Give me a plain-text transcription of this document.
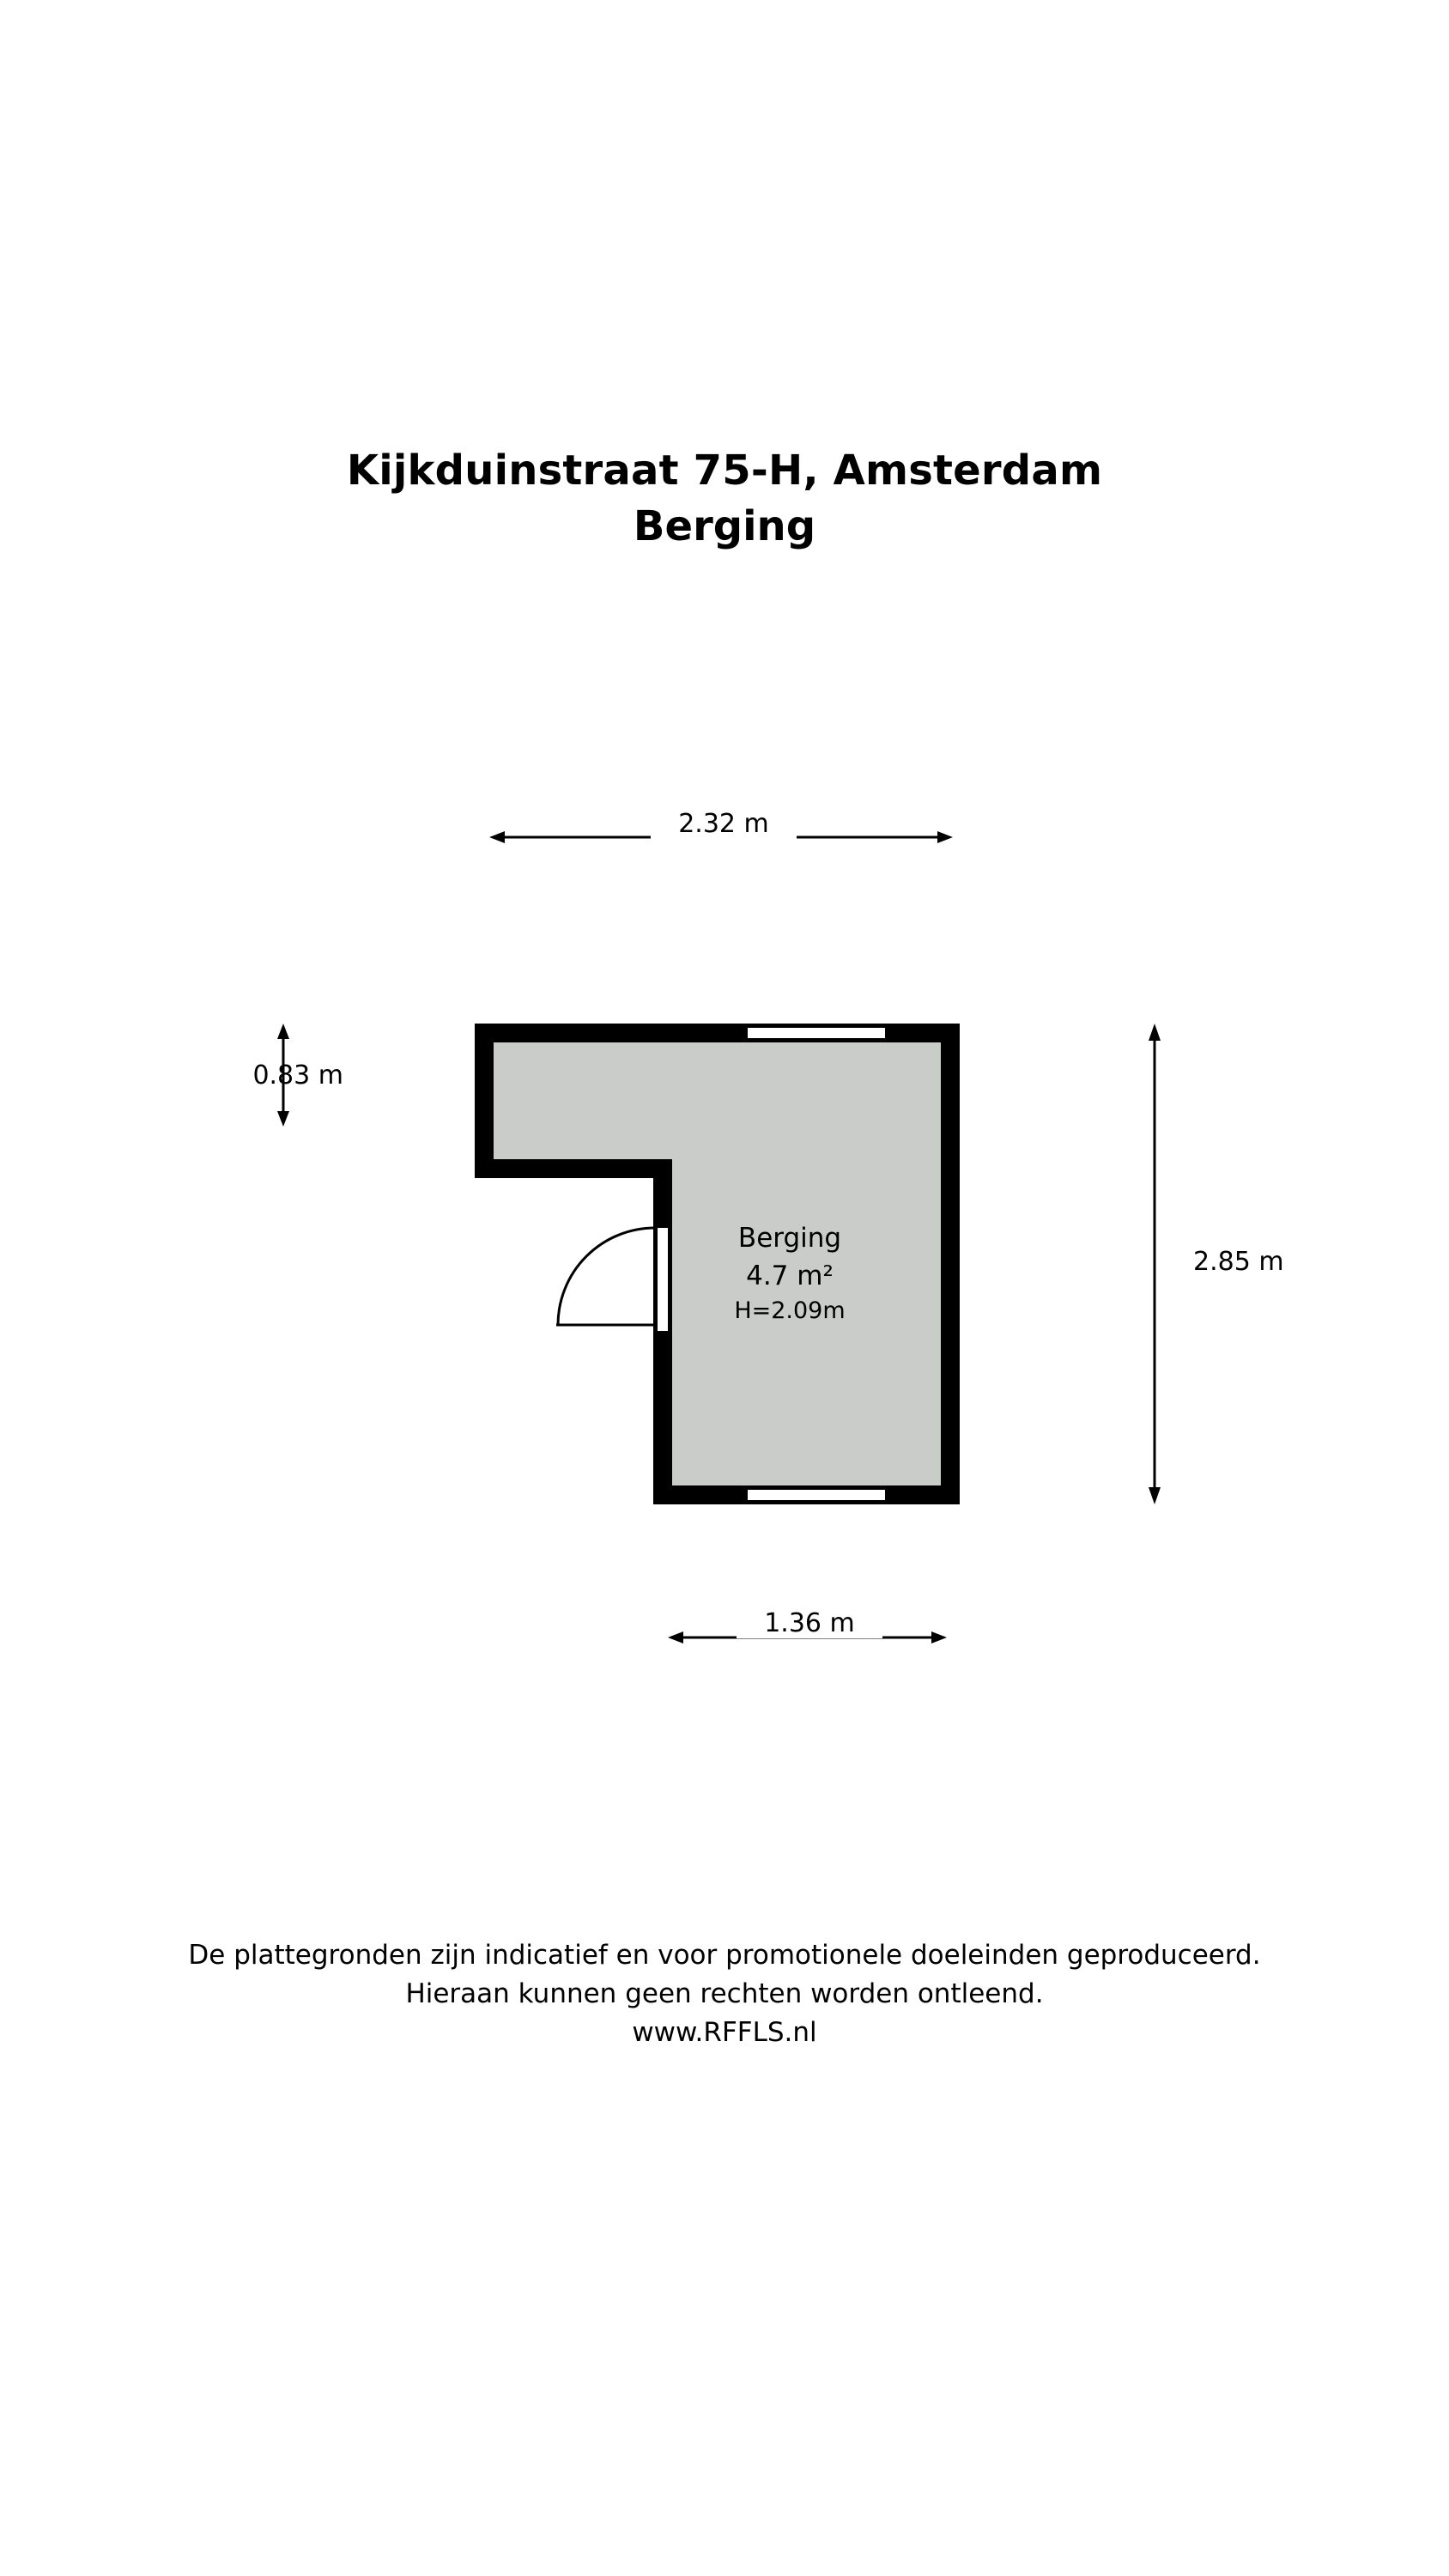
Kijkduinstraat 75-H, Amsterdam
Berging
2.32 m
0.83 m
2.85 m
1.36 m
Berging
4.7 m²
H=2.09m
De plattegronden zijn indicatief en voor promotionele doeleinden geproduceerd.
Hieraan kunnen geen rechten worden ontleend.
www.RFFLS.nl
